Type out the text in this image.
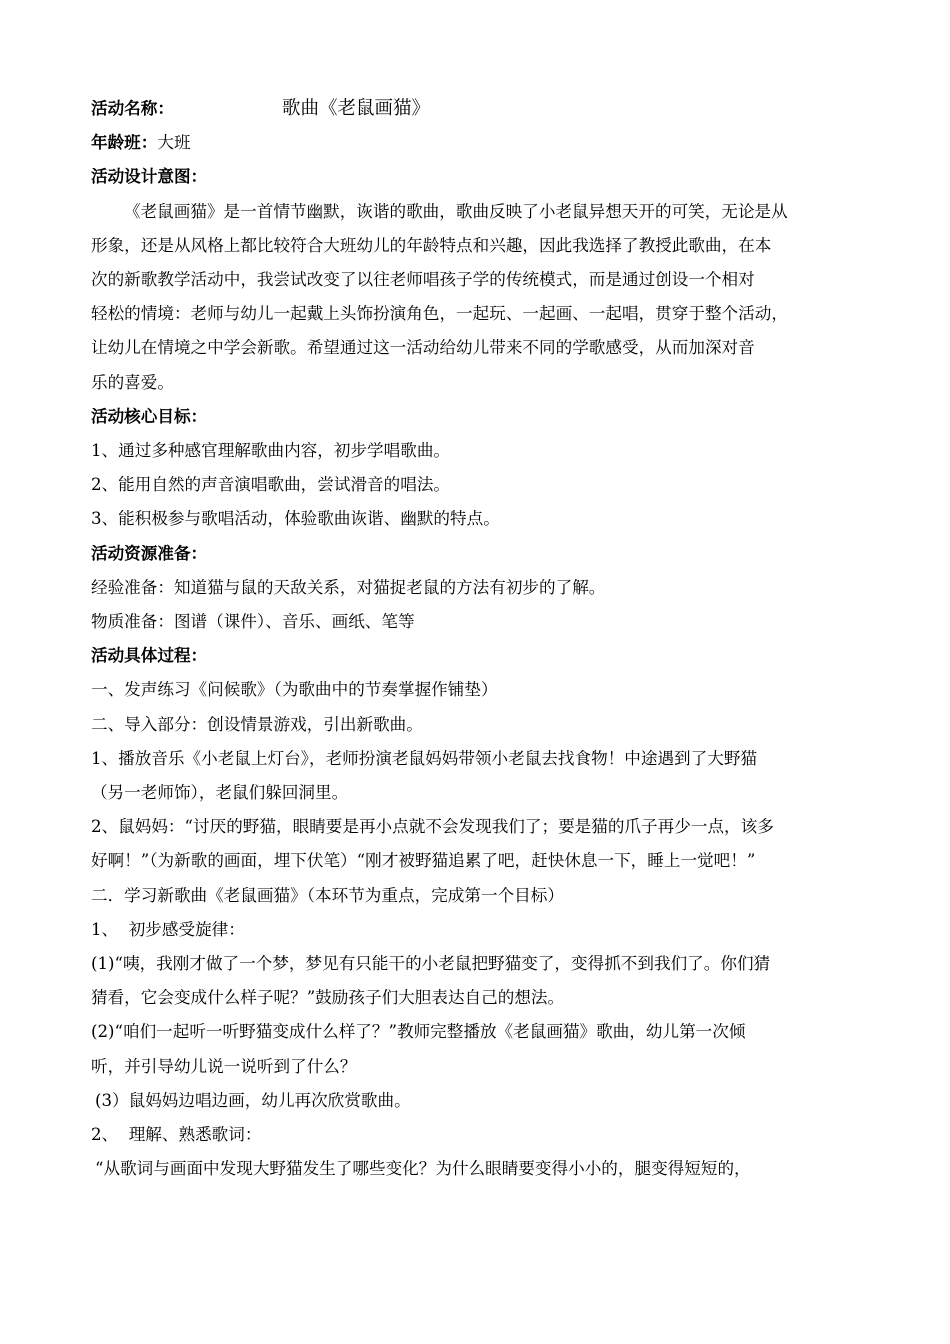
活动名称：	歌曲《老鼠画猫》

年龄班：大班

活动设计意图：

《老鼠画猫》是一首情节幽默，诙谐的歌曲，歌曲反映了小老鼠异想天开的可笑，无论是从

形象，还是从风格上都比较符合大班幼儿的年龄特点和兴趣，因此我选择了教授此歌曲，在本

次的新歌教学活动中，我尝试改变了以往老师唱孩子学的传统模式，而是通过创设一个相对

轻松的情境：老师与幼儿一起戴上头饰扮演角色，一起玩、一起画、一起唱，贯穿于整个活动，

让幼儿在情境之中学会新歌。希望通过这一活动给幼儿带来不同的学歌感受，从而加深对音

乐的喜爱。

活动核心目标：

1、通过多种感官理解歌曲内容，初步学唱歌曲。

2、能用自然的声音演唱歌曲，尝试滑音的唱法。

3、能积极参与歌唱活动，体验歌曲诙谐、幽默的特点。

活动资源准备：

经验准备：知道猫与鼠的天敌关系，对猫捉老鼠的方法有初步的了解。

物质准备：图谱（课件）、音乐、画纸、笔等

活动具体过程：

一、发声练习《问候歌》（为歌曲中的节奏掌握作铺垫）

二、导入部分：创设情景游戏，引出新歌曲。

1、播放音乐《小老鼠上灯台》，老师扮演老鼠妈妈带领小老鼠去找食物！中途遇到了大野猫

（另一老师饰），老鼠们躲回洞里。

2、鼠妈妈：“讨厌的野猫，眼睛要是再小点就不会发现我们了；要是猫的爪子再少一点，该多

好啊！”（为新歌的画面，埋下伏笔）“刚才被野猫追累了吧，赶快休息一下，睡上一觉吧！”

二．学习新歌曲《老鼠画猫》（本环节为重点，完成第一个目标）

1、  初步感受旋律：

(1)“咦，我刚才做了一个梦，梦见有只能干的小老鼠把野猫变了，变得抓不到我们了。你们猜

猜看，它会变成什么样子呢？”鼓励孩子们大胆表达自己的想法。

(2)“咱们一起听一听野猫变成什么样了？”教师完整播放《老鼠画猫》歌曲，幼儿第一次倾

听，并引导幼儿说一说听到了什么？

(3）鼠妈妈边唱边画，幼儿再次欣赏歌曲。

2、  理解、熟悉歌词：

“从歌词与画面中发现大野猫发生了哪些变化？为什么眼睛要变得小小的，腿变得短短的，
